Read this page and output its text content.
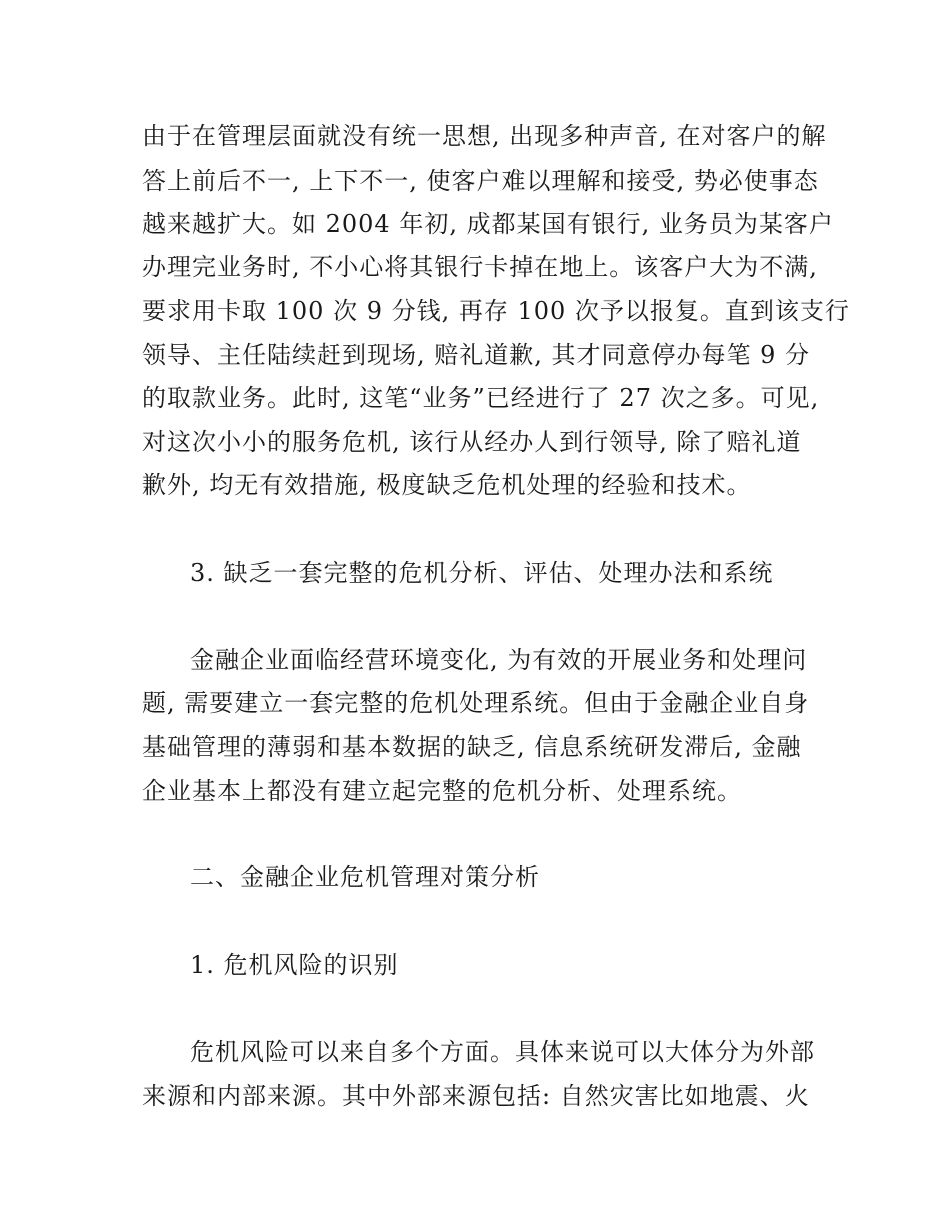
由于在管理层面就没有统一思想, 出现多种声音, 在对客户的解
答上前后不一, 上下不一, 使客户难以理解和接受, 势必使事态
越来越扩大。如 2004 年初, 成都某国有银行, 业务员为某客户
办理完业务时, 不小心将其银行卡掉在地上。该客户大为不满,
要求用卡取 100 次 9 分钱, 再存 100 次予以报复。直到该支行
领导、主任陆续赶到现场, 赔礼道歉, 其才同意停办每笔 9 分
的取款业务。此时, 这笔“业务”已经进行了 27 次之多。可见,
对这次小小的服务危机, 该行从经办人到行领导, 除了赔礼道
歉外, 均无有效措施, 极度缺乏危机处理的经验和技术。
3. 缺乏一套完整的危机分析、评估、处理办法和系统
金融企业面临经营环境变化, 为有效的开展业务和处理问
题, 需要建立一套完整的危机处理系统。但由于金融企业自身
基础管理的薄弱和基本数据的缺乏, 信息系统研发滞后, 金融
企业基本上都没有建立起完整的危机分析、处理系统。
二、金融企业危机管理对策分析
1. 危机风险的识别
危机风险可以来自多个方面。具体来说可以大体分为外部
来源和内部来源。其中外部来源包括: 自然灾害比如地震、火
